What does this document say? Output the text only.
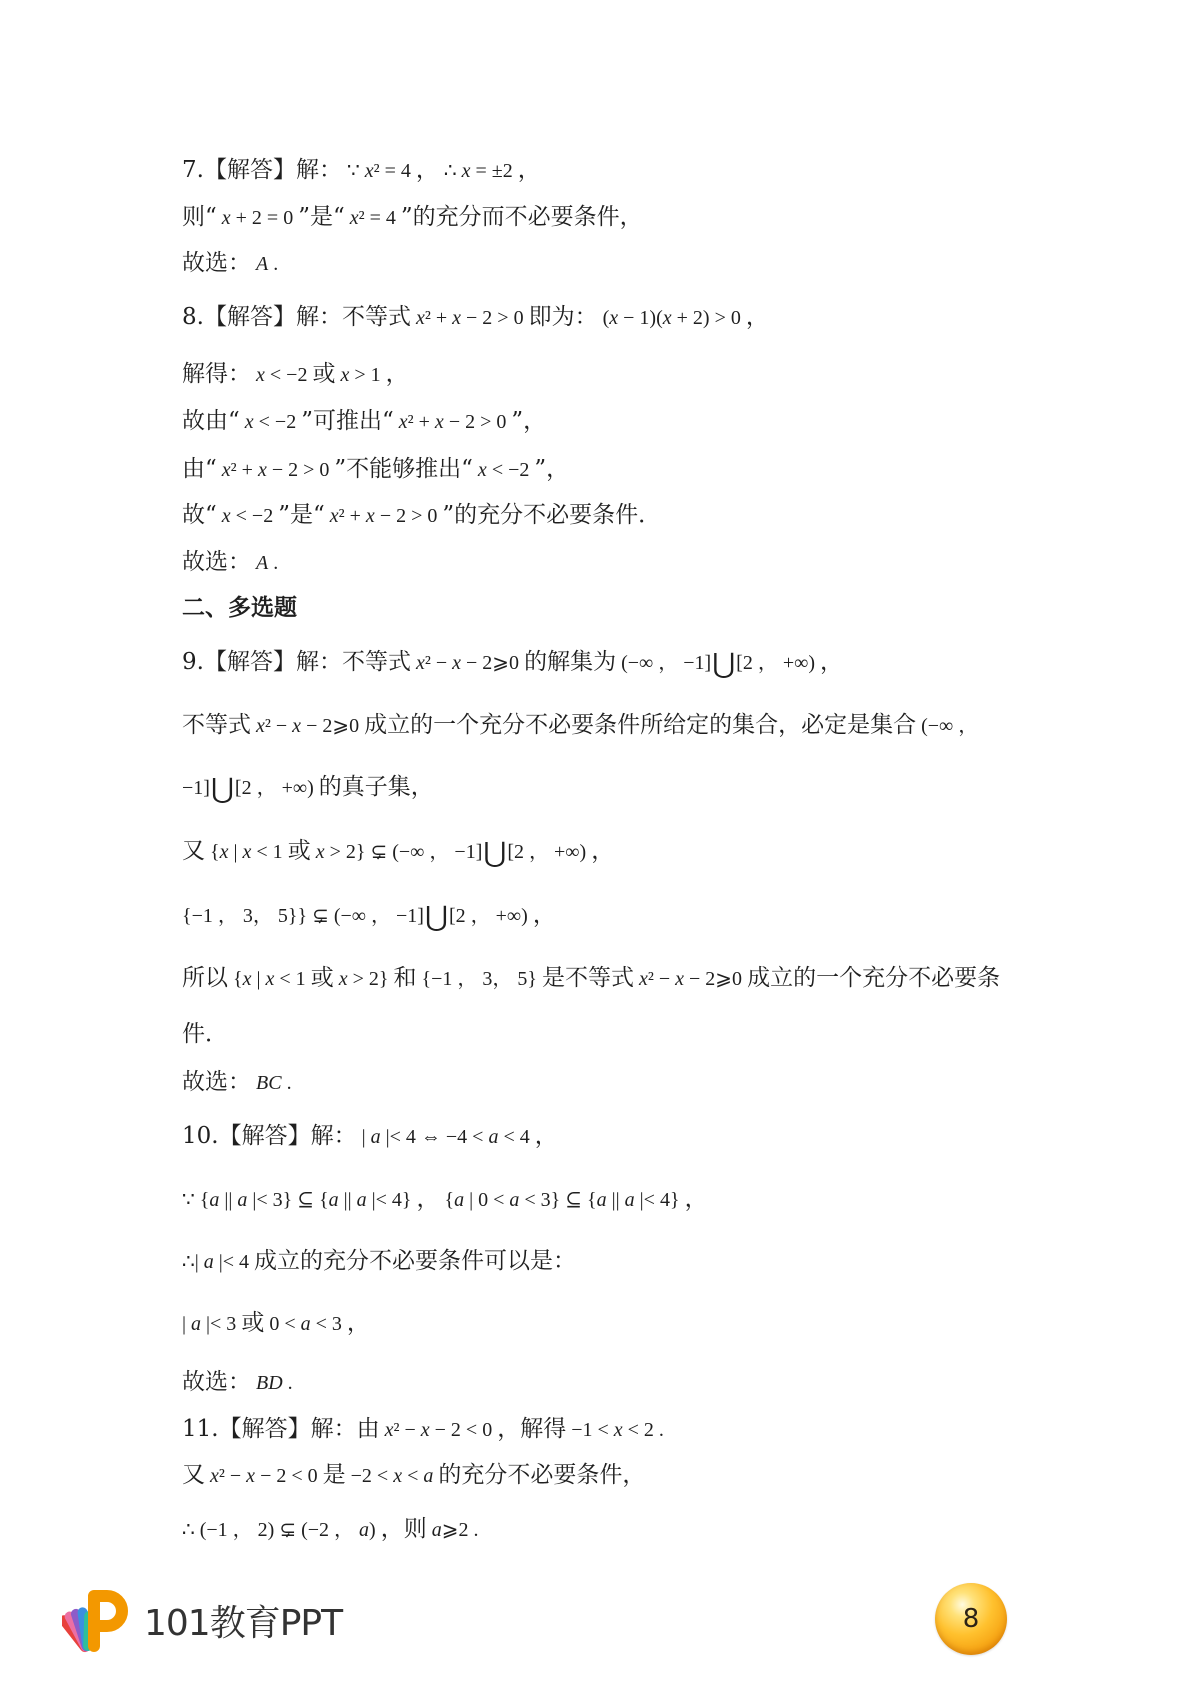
7.【解答】解： ∵ x² = 4 ， ∴ x = ±2 ，
则“ x + 2 = 0 ”是“ x² = 4 ”的充分而不必要条件，
故选： A .
8.【解答】解：不等式 x² + x − 2 > 0 即为： (x − 1)(x + 2) > 0 ，
解得： x < −2 或 x > 1 ，
故由“ x < −2 ”可推出“ x² + x − 2 > 0 ”，
由“ x² + x − 2 > 0 ”不能够推出“ x < −2 ”，
故“ x < −2 ”是“ x² + x − 2 > 0 ”的充分不必要条件．
故选： A .
二、多选题
9.【解答】解：不等式 x² − x − 2⩾0 的解集为 (−∞ ， −1]⋃[2 ， +∞) ，
不等式 x² − x − 2⩾0 成立的一个充分不必要条件所给定的集合，必定是集合 (−∞ ，
−1]⋃[2 ， +∞) 的真子集，
又 {x | x < 1 或 x > 2} ⊊ (−∞ ， −1]⋃[2 ， +∞) ，
{−1 ， 3， 5}} ⊊ (−∞ ， −1]⋃[2 ， +∞) ，
所以 {x | x < 1 或 x > 2} 和 {−1 ， 3， 5} 是不等式 x² − x − 2⩾0 成立的一个充分不必要条
件．
故选： BC .
10.【解答】解： | a |< 4 ⇔ −4 < a < 4 ，
∵ {a || a |< 3} ⊆ {a || a |< 4} ， {a | 0 < a < 3} ⊆ {a || a |< 4} ，
∴| a |< 4 成立的充分不必要条件可以是：
| a |< 3 或 0 < a < 3 ，
故选： BD .
11.【解答】解：由 x² − x − 2 < 0 ，解得 −1 < x < 2 .
又 x² − x − 2 < 0 是 −2 < x < a 的充分不必要条件，
∴ (−1 ， 2) ⊊ (−2 ， a) ，则 a⩾2 .
101教育PPT	8
